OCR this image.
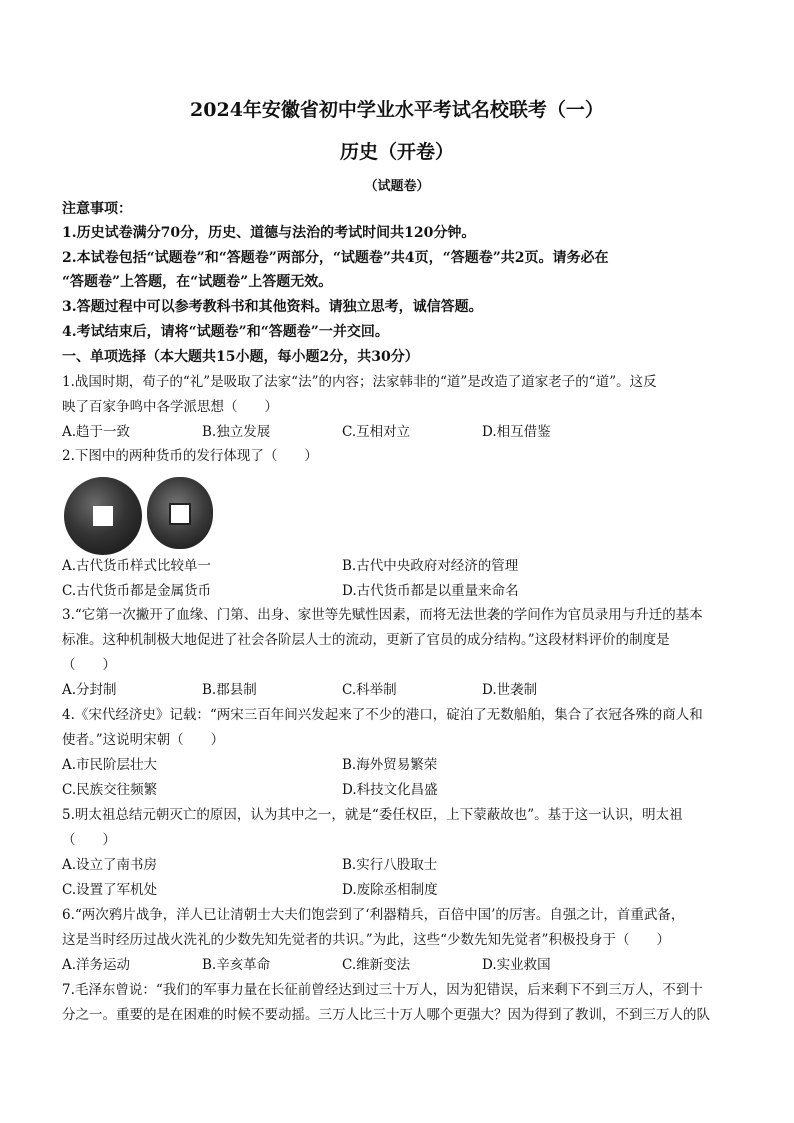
2024年安徽省初中学业水平考试名校联考（一）
历史（开卷）
（试题卷）
注意事项：
1.历史试卷满分70分，历史、道德与法治的考试时间共120分钟。
2.本试卷包括“试题卷”和“答题卷”两部分，“试题卷”共4页，“答题卷”共2页。请务必在
“答题卷”上答题，在“试题卷”上答题无效。
3.答题过程中可以参考教科书和其他资料。请独立思考，诚信答题。
4.考试结束后，请将“试题卷”和“答题卷”一并交回。
一、单项选择（本大题共15小题，每小题2分，共30分）
1.战国时期，荀子的“礼”是吸取了法家“法”的内容；法家韩非的“道”是改造了道家老子的“道”。这反
映了百家争鸣中各学派思想（　　）
A.趋于一致	B.独立发展	C.互相对立	D.相互借鉴
2.下图中的两种货币的发行体现了（　　）
A.古代货币样式比较单一	B.古代中央政府对经济的管理
C.古代货币都是金属货币	D.古代货币都是以重量来命名
3.“它第一次撇开了血缘、门第、出身、家世等先赋性因素，而将无法世袭的学问作为官员录用与升迁的基本
标准。这种机制极大地促进了社会各阶层人士的流动，更新了官员的成分结构。”这段材料评价的制度是
（　　）
A.分封制	B.郡县制	C.科举制	D.世袭制
4.《宋代经济史》记载：“两宋三百年间兴发起来了不少的港口，碇泊了无数船舶，集合了衣冠各殊的商人和
使者。”这说明宋朝（　　）
A.市民阶层壮大	B.海外贸易繁荣
C.民族交往频繁	D.科技文化昌盛
5.明太祖总结元朝灭亡的原因，认为其中之一，就是“委任权臣，上下蒙蔽故也”。基于这一认识，明太祖
（　　）
A.设立了南书房	B.实行八股取士
C.设置了军机处	D.废除丞相制度
6.“两次鸦片战争，洋人已让清朝士大夫们饱尝到了‘利器精兵，百倍中国’的厉害。自强之计，首重武备，
这是当时经历过战火洗礼的少数先知先觉者的共识。”为此，这些“少数先知先觉者”积极投身于（　　）
A.洋务运动	B.辛亥革命	C.维新变法	D.实业救国
7.毛泽东曾说：“我们的军事力量在长征前曾经达到过三十万人，因为犯错误，后来剩下不到三万人，不到十
分之一。重要的是在困难的时候不要动摇。三万人比三十万人哪个更强大？因为得到了教训，不到三万人的队
